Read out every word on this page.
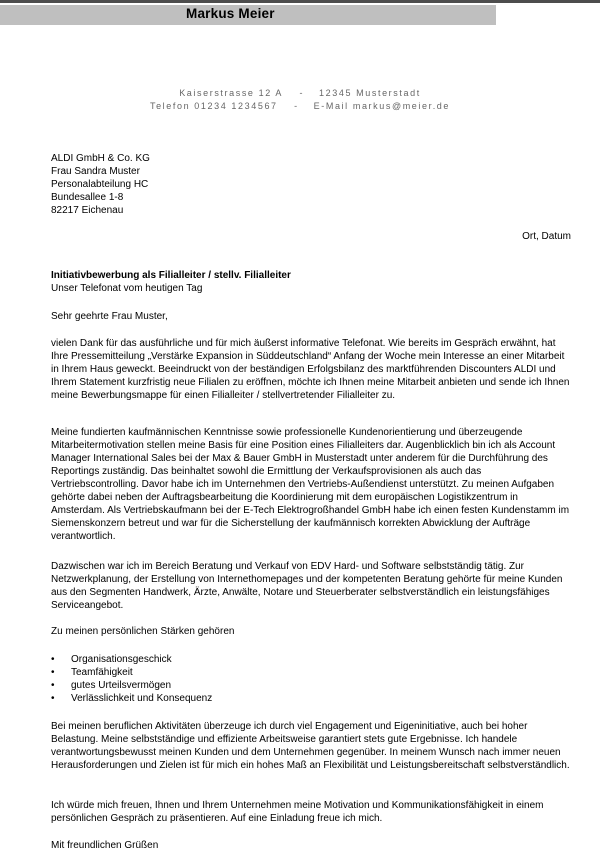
Markus Meier
Kaiserstrasse 12 A - 12345 Musterstadt
Telefon 01234 1234567 - E-Mail markus@meier.de
ALDI GmbH & Co. KG
Frau Sandra Muster
Personalabteilung HC
Bundesallee 1-8
82217 Eichenau
Ort, Datum
Initiativbewerbung als Filialleiter / stellv. Filialleiter
Unser Telefonat vom heutigen Tag
Sehr geehrte Frau Muster,

vielen Dank für das ausführliche und für mich äußerst informative Telefonat. Wie bereits im Gespräch erwähnt, hat Ihre Pressemitteilung „Verstärke Expansion in Süddeutschland“ Anfang der Woche mein Interesse an einer Mitarbeit in Ihrem Haus geweckt. Beeindruckt von der beständigen Erfolgsbilanz des marktführenden Discounters ALDI und Ihrem Statement kurzfristig neue Filialen zu eröffnen, möchte ich Ihnen meine Mitarbeit anbieten und sende ich Ihnen meine Bewerbungsmappe für einen Filialleiter / stellvertretender Filialleiter zu.

Meine fundierten kaufmännischen Kenntnisse sowie professionelle Kundenorientierung und überzeugende Mitarbeitermotivation stellen meine Basis für eine Position eines Filialleiters dar. Augenblicklich bin ich als Account Manager International Sales bei der Max & Bauer GmbH in Musterstadt unter anderem für die Durchführung des Reportings zuständig. Das beinhaltet sowohl die Ermittlung der Verkaufsprovisionen als auch das Vertriebscontrolling. Davor habe ich im Unternehmen den Vertriebs-Außendienst unterstützt. Zu meinen Aufgaben gehörte dabei neben der Auftragsbearbeitung die Koordinierung mit dem europäischen Logistikzentrum in Amsterdam. Als Vertriebskaufmann bei der E-Tech Elektrogroßhandel GmbH habe ich einen festen Kundenstamm im Siemenskonzern betreut und war für die Sicherstellung der kaufmännisch korrekten Abwicklung der Aufträge verantwortlich.

Dazwischen war ich im Bereich Beratung und Verkauf von EDV Hard- und Software selbstständig tätig. Zur Netzwerkplanung, der Erstellung von Internethomepages und der kompetenten Beratung gehörte für meine Kunden aus den Segmenten Handwerk, Ärzte, Anwälte, Notare und Steuerberater selbstverständlich ein leistungsfähiges Serviceangebot.

Zu meinen persönlichen Stärken gehören

• Organisationsgeschick
• Teamfähigkeit
• gutes Urteilsvermögen
• Verlässlichkeit und Konsequenz

Bei meinen beruflichen Aktivitäten überzeuge ich durch viel Engagement und Eigeninitiative, auch bei hoher Belastung. Meine selbstständige und effiziente Arbeitsweise garantiert stets gute Ergebnisse. Ich handele verantwortungsbewusst meinen Kunden und dem Unternehmen gegenüber. In meinem Wunsch nach immer neuen Herausforderungen und Zielen ist für mich ein hohes Maß an Flexibilität und Leistungsbereitschaft selbstverständlich.

Ich würde mich freuen, Ihnen und Ihrem Unternehmen meine Motivation und Kommunikationsfähigkeit in einem persönlichen Gespräch zu präsentieren. Auf eine Einladung freue ich mich.

Mit freundlichen Grüßen
